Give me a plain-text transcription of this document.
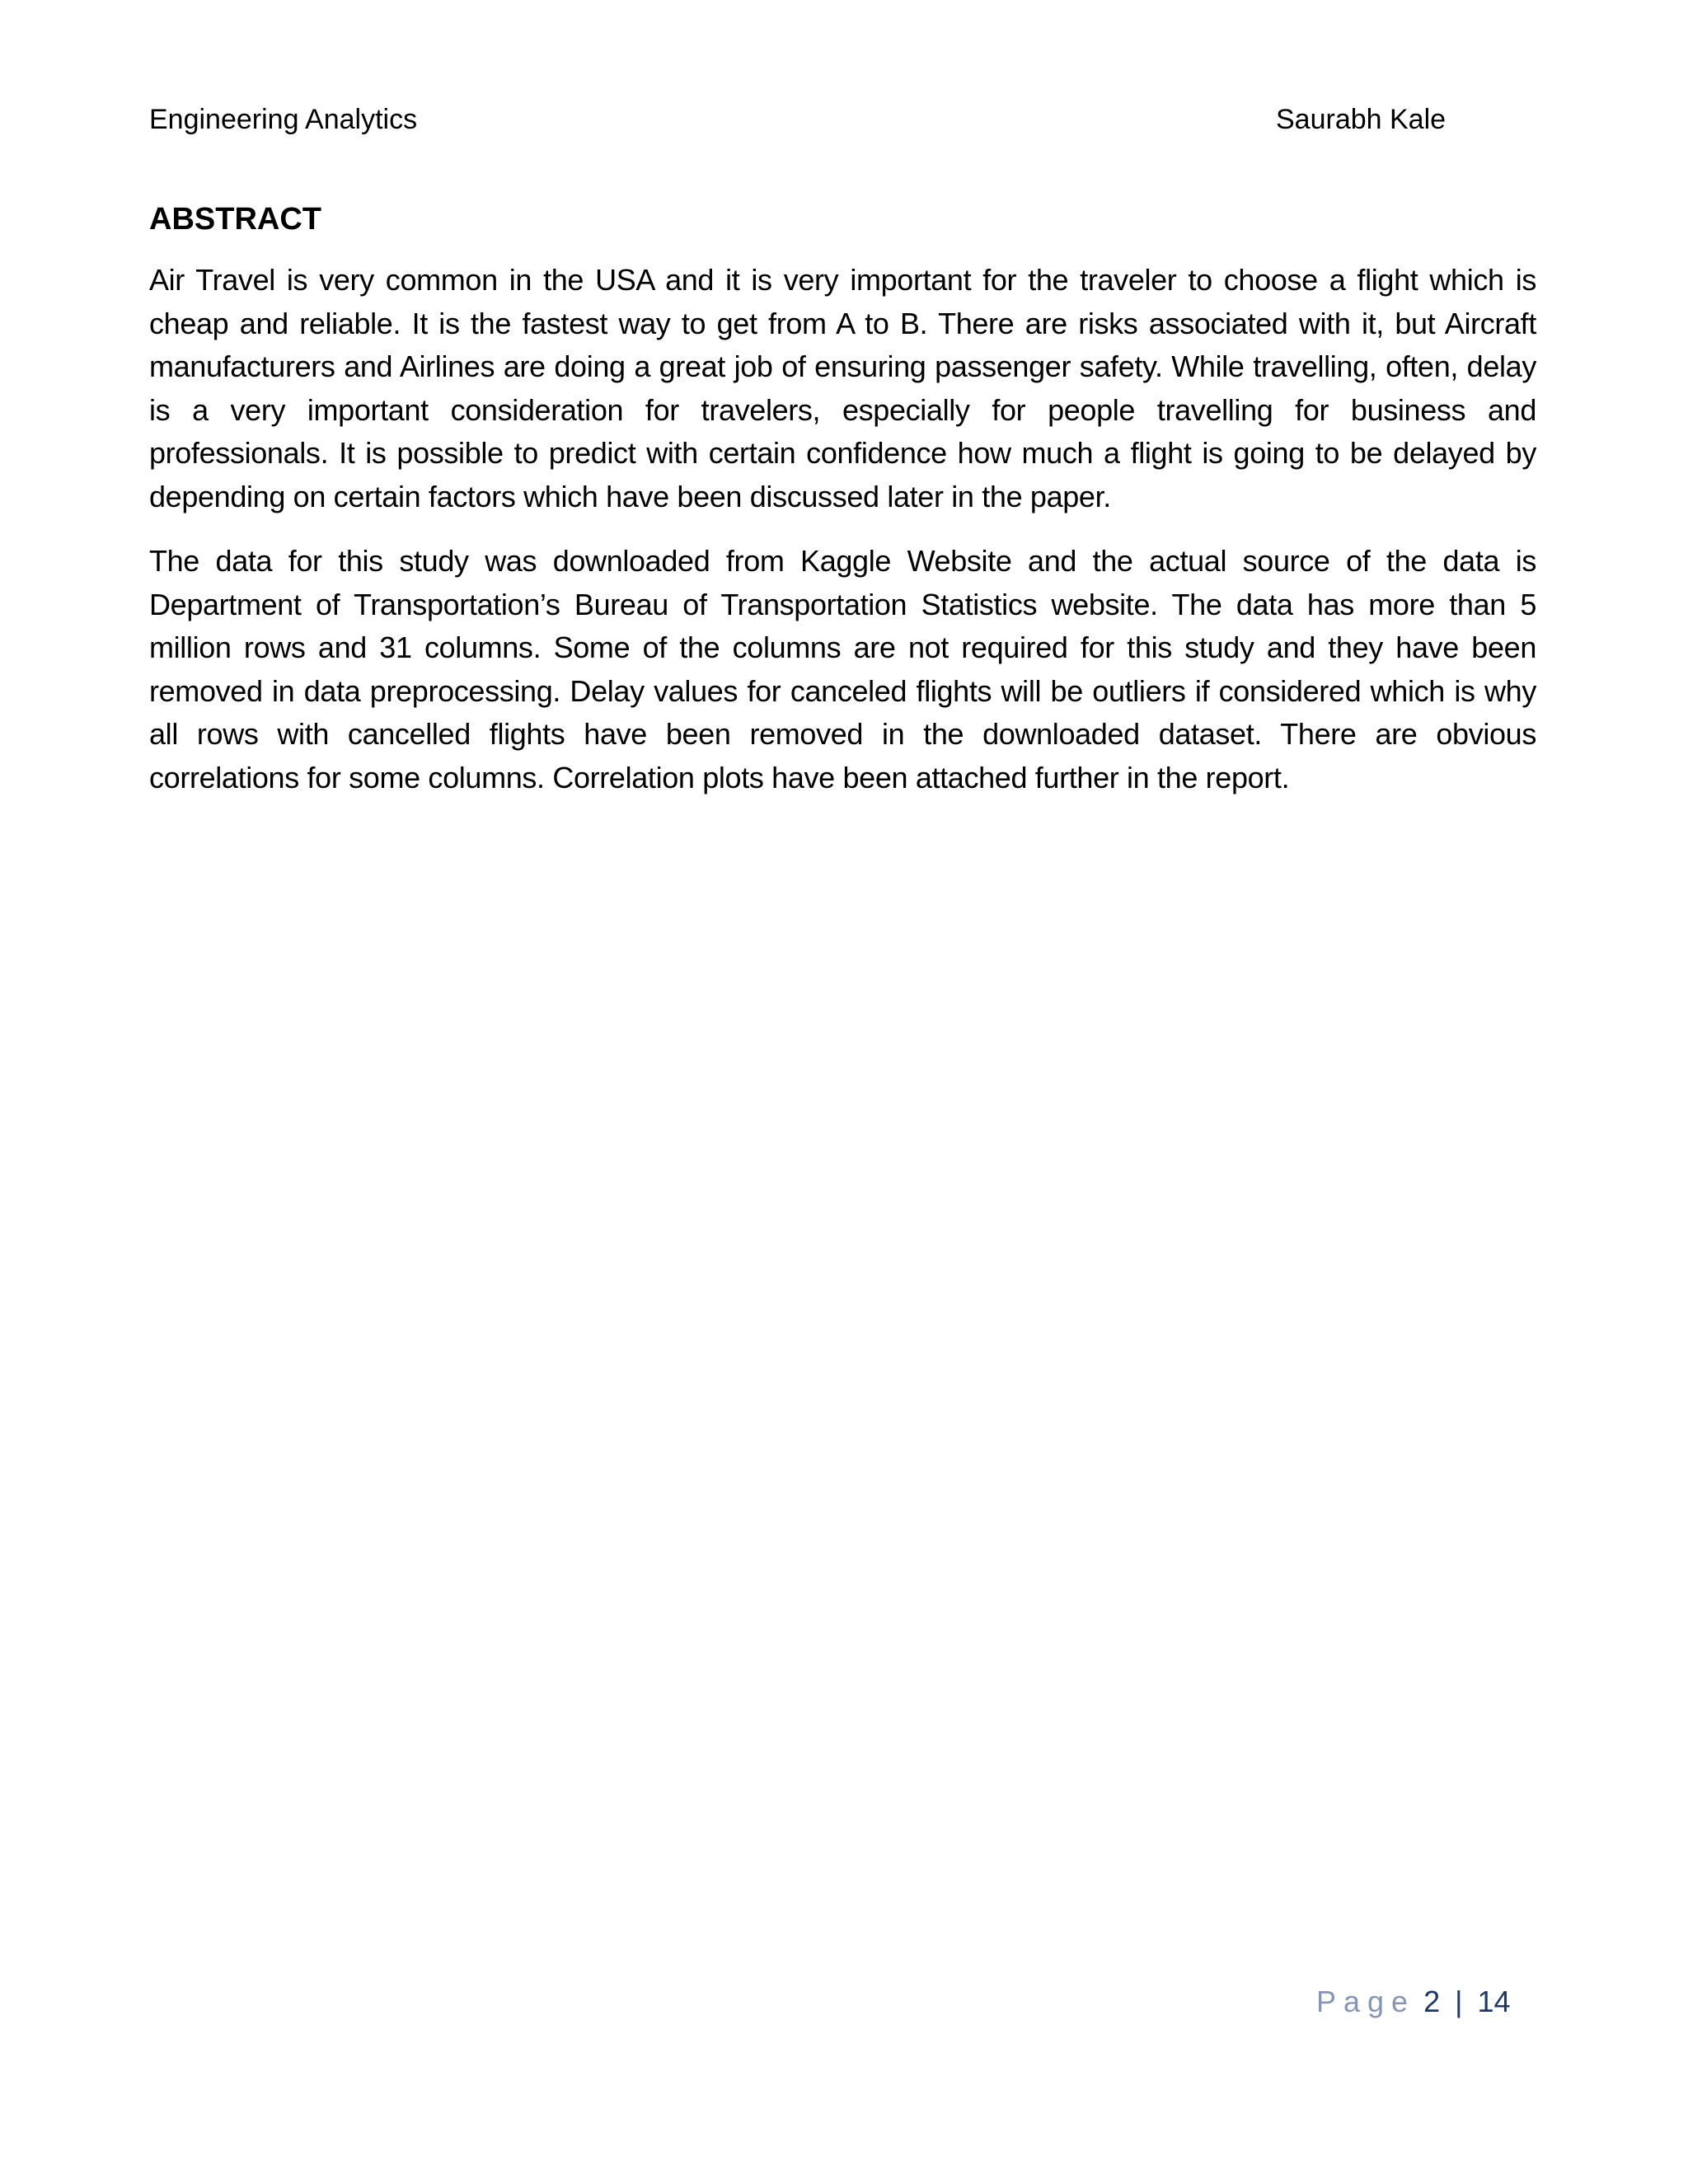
Engineering Analytics	Saurabh Kale
ABSTRACT

Air Travel is very common in the USA and it is very important for the traveler to choose a flight which is cheap and reliable. It is the fastest way to get from A to B. There are risks associated with it, but Aircraft manufacturers and Airlines are doing a great job of ensuring passenger safety. While travelling, often, delay is a very important consideration for travelers, especially for people travelling for business and professionals. It is possible to predict with certain confidence how much a flight is going to be delayed by depending on certain factors which have been discussed later in the paper.

The data for this study was downloaded from Kaggle Website and the actual source of the data is Department of Transportation’s Bureau of Transportation Statistics website. The data has more than 5 million rows and 31 columns. Some of the columns are not required for this study and they have been removed in data preprocessing. Delay values for canceled flights will be outliers if considered which is why all rows with cancelled flights have been removed in the downloaded dataset. There are obvious correlations for some columns. Correlation plots have been attached further in the report.

Page 2 | 14
